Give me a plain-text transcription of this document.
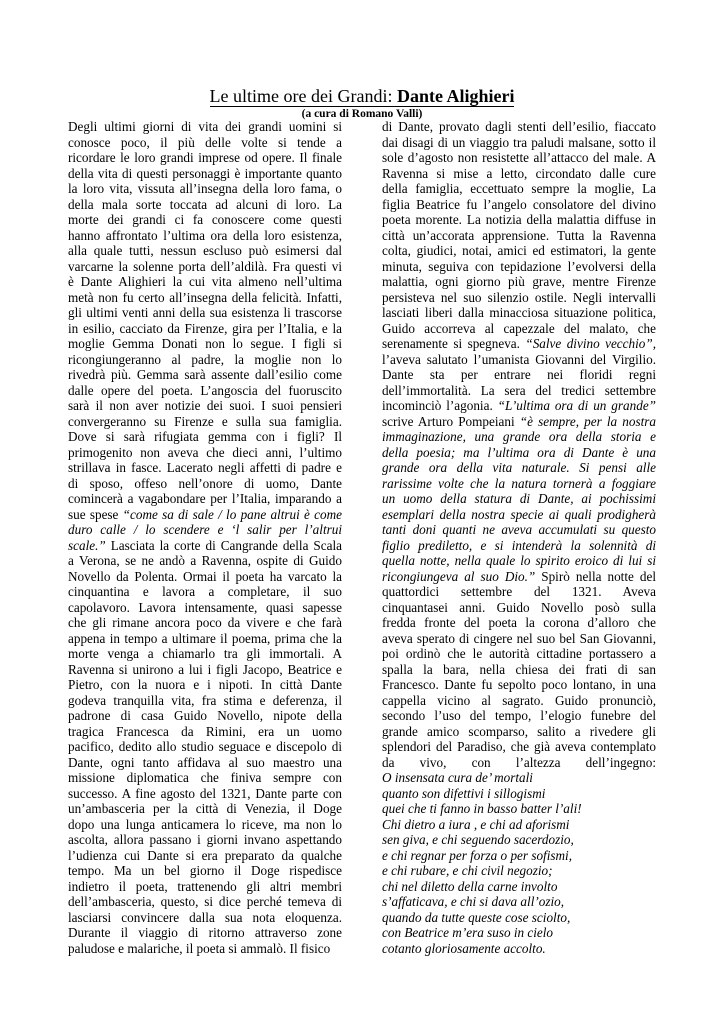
Le ultime ore dei Grandi: Dante Alighieri
(a cura di Romano Valli)
Degli ultimi giorni di vita dei grandi uomini si
conosce poco, il più delle volte si tende a
ricordare le loro grandi imprese od opere. Il finale
della vita di questi personaggi è importante quanto
la loro vita, vissuta all’insegna della loro fama, o
della mala sorte toccata ad alcuni di loro. La
morte dei grandi ci fa conoscere come questi
hanno affrontato l’ultima ora della loro esistenza,
alla quale tutti, nessun escluso può esimersi dal
varcarne la solenne porta dell’aldilà. Fra questi vi
è Dante Alighieri la cui vita almeno nell’ultima
metà non fu certo all’insegna della felicità. Infatti,
gli ultimi venti anni della sua esistenza li trascorse
in esilio, cacciato da Firenze, gira per l’Italia, e la
moglie Gemma Donati non lo segue. I figli si
ricongiungeranno al padre, la moglie non lo
rivedrà più. Gemma sarà assente dall’esilio come
dalle opere del poeta. L’angoscia del fuoruscito
sarà il non aver notizie dei suoi. I suoi pensieri
convergeranno su Firenze e sulla sua famiglia.
Dove si sarà rifugiata gemma con i figli? Il
primogenito non aveva che dieci anni, l’ultimo
strillava in fasce. Lacerato negli affetti di padre e
di sposo, offeso nell’onore di uomo, Dante
comincerà a vagabondare per l’Italia, imparando a
sue spese “come sa di sale / lo pane altrui è come
duro calle / lo scendere e ‘l salir per l’altrui
scale.” Lasciata la corte di Cangrande della Scala
a Verona, se ne andò a Ravenna, ospite di Guido
Novello da Polenta. Ormai il poeta ha varcato la
cinquantina e lavora a completare, il suo
capolavoro. Lavora intensamente, quasi sapesse
che gli rimane ancora poco da vivere e che farà
appena in tempo a ultimare il poema, prima che la
morte venga a chiamarlo tra gli immortali. A
Ravenna si unirono a lui i figli Jacopo, Beatrice e
Pietro, con la nuora e i nipoti. In città Dante
godeva tranquilla vita, fra stima e deferenza, il
padrone di casa Guido Novello, nipote della
tragica Francesca da Rimini, era un uomo
pacifico, dedito allo studio seguace e discepolo di
Dante, ogni tanto affidava al suo maestro una
missione diplomatica che finiva sempre con
successo. A fine agosto del 1321, Dante parte con
un’ambasceria per la città di Venezia, il Doge
dopo una lunga anticamera lo riceve, ma non lo
ascolta, allora passano i giorni invano aspettando
l’udienza cui Dante si era preparato da qualche
tempo. Ma un bel giorno il Doge rispedisce
indietro il poeta, trattenendo gli altri membri
dell’ambasceria, questo, si dice perché temeva di
lasciarsi convincere dalla sua nota eloquenza.
Durante il viaggio di ritorno attraverso zone
paludose e malariche, il poeta si ammalò. Il fisico
di Dante, provato dagli stenti dell’esilio, fiaccato
dai disagi di un viaggio tra paludi malsane, sotto il
sole d’agosto non resistette all’attacco del male. A
Ravenna si mise a letto, circondato dalle cure
della famiglia, eccettuato sempre la moglie, La
figlia Beatrice fu l’angelo consolatore del divino
poeta morente. La notizia della malattia diffuse in
città un’accorata apprensione. Tutta la Ravenna
colta, giudici, notai, amici ed estimatori, la gente
minuta, seguiva con tepidazione l’evolversi della
malattia, ogni giorno più grave, mentre Firenze
persisteva nel suo silenzio ostile. Negli intervalli
lasciati liberi dalla minacciosa situazione politica,
Guido accorreva al capezzale del malato, che
serenamente si spegneva. “Salve divino vecchio”,
l’aveva salutato l’umanista Giovanni del Virgilio.
Dante sta per entrare nei floridi regni
dell’immortalità. La sera del tredici settembre
incominciò l’agonia. “L’ultima ora di un grande”
scrive Arturo Pompeiani “è sempre, per la nostra
immaginazione, una grande ora della storia e
della poesia; ma l’ultima ora di Dante è una
grande ora della vita naturale. Si pensi alle
rarissime volte che la natura tornerà a foggiare
un uomo della statura di Dante, ai pochissimi
esemplari della nostra specie ai quali prodigherà
tanti doni quanti ne aveva accumulati su questo
figlio prediletto, e si intenderà la solennità di
quella notte, nella quale lo spirito eroico di lui si
ricongiungeva al suo Dio.” Spirò nella notte del
quattordici settembre del 1321. Aveva
cinquantasei anni. Guido Novello posò sulla
fredda fronte del poeta la corona d’alloro che
aveva sperato di cingere nel suo bel San Giovanni,
poi ordinò che le autorità cittadine portassero a
spalla la bara, nella chiesa dei frati di san
Francesco. Dante fu sepolto poco lontano, in una
cappella vicino al sagrato. Guido pronunciò,
secondo l’uso del tempo, l’elogio funebre del
grande amico scomparso, salito a rivedere gli
splendori del Paradiso, che già aveva contemplato
da vivo, con l’altezza dell’ingegno:
O insensata cura de’ mortali
quanto son difettivi i sillogismi
quei che ti fanno in basso batter l’ali!
Chi dietro a iura , e chi ad aforismi
sen giva, e chi seguendo sacerdozio,
e chi regnar per forza o per sofismi,
e chi rubare, e chi civil negozio;
chi nel diletto della carne involto
s’affaticava, e chi si dava all’ozio,
quando da tutte queste cose sciolto,
con Beatrice m’era suso in cielo
cotanto gloriosamente accolto.
